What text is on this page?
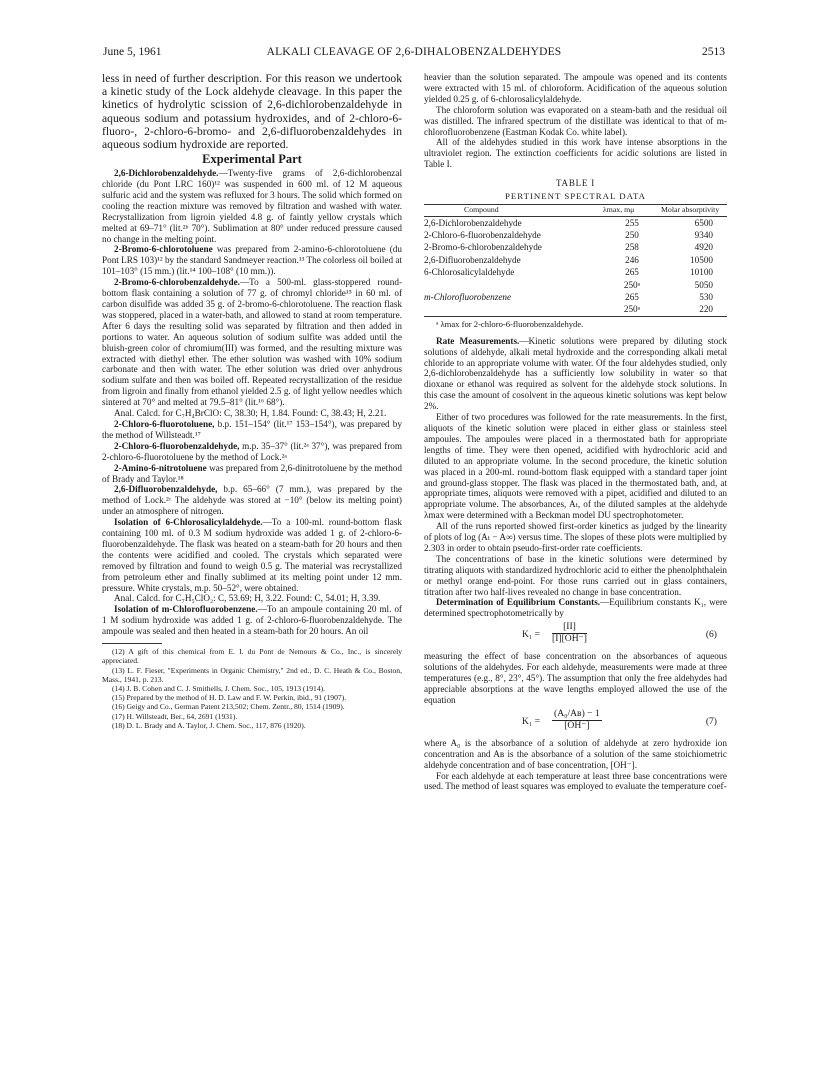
June 5, 1961	ALKALI CLEAVAGE OF 2,6-DIHALOBENZALDEHYDES	2513

less in need of further description. For this reason we undertook a kinetic study of the Lock aldehyde cleavage. In this paper the kinetics of hydrolytic scission of 2,6-dichlorobenzaldehyde in aqueous sodium and potassium hydroxides, and of 2-chloro-6-fluoro-, 2-chloro-6-bromo- and 2,6-difluorobenzaldehydes in aqueous sodium hydroxide are reported.

Experimental Part

2,6-Dichlorobenzaldehyde.—Twenty-five grams of 2,6-dichlorobenzal chloride (du Pont LRC 160)¹² was suspended in 600 ml. of 12 M aqueous sulfuric acid and the system was refluxed for 3 hours. The solid which formed on cooling the reaction mixture was removed by filtration and washed with water. Recrystallization from ligroin yielded 4.8 g. of faintly yellow crystals which melted at 69–71° (lit.²ᵇ 70°). Sublimation at 80° under reduced pressure caused no change in the melting point.

2-Bromo-6-chlorotoluene was prepared from 2-amino-6-chlorotoluene (du Pont LRS 103)¹² by the standard Sandmeyer reaction.¹³ The colorless oil boiled at 101–103° (15 mm.) (lit.¹⁴ 100–108° (10 mm.)).

2-Bromo-6-chlorobenzaldehyde.—To a 500-ml. glass-stoppered round-bottom flask containing a solution of 77 g. of chromyl chloride¹⁵ in 60 ml. of carbon disulfide was added 35 g. of 2-bromo-6-chlorotoluene. The reaction flask was stoppered, placed in a water-bath, and allowed to stand at room temperature. After 6 days the resulting solid was separated by filtration and then added in portions to water. An aqueous solution of sodium sulfite was added until the bluish-green color of chromium(III) was formed, and the resulting mixture was extracted with diethyl ether. The ether solution was washed with 10% sodium carbonate and then with water. The ether solution was dried over anhydrous sodium sulfate and then was boiled off. Repeated recrystallization of the residue from ligroin and finally from ethanol yielded 2.5 g. of light yellow needles which sintered at 70° and melted at 79.5–81° (lit.¹⁶ 68°).

Anal. Calcd. for C₇H₄BrClO: C, 38.30; H, 1.84. Found: C, 38.43; H, 2.21.

2-Chloro-6-fluorotoluene, b.p. 151–154° (lit.¹⁷ 153–154°), was prepared by the method of Willsteadt.¹⁷

2-Chloro-6-fluorobenzaldehyde, m.p. 35–37° (lit.²ᵃ 37°), was prepared from 2-chloro-6-fluorotoluene by the method of Lock.²ᵃ

2-Amino-6-nitrotoluene was prepared from 2,6-dinitrotoluene by the method of Brady and Taylor.¹⁸

2,6-Difluorobenzaldehyde, b.p. 65–66° (7 mm.), was prepared by the method of Lock.²ᶜ The aldehyde was stored at −10° (below its melting point) under an atmosphere of nitrogen.

Isolation of 6-Chlorosalicylaldehyde.—To a 100-ml. round-bottom flask containing 100 ml. of 0.3 M sodium hydroxide was added 1 g. of 2-chloro-6-fluorobenzaldehyde. The flask was heated on a steam-bath for 20 hours and then the contents were acidified and cooled. The crystals which separated were removed by filtration and found to weigh 0.5 g. The material was recrystallized from petroleum ether and finally sublimed at its melting point under 12 mm. pressure. White crystals, m.p. 50–52°, were obtained.

Anal. Calcd. for C₇H₅ClO₂: C, 53.69; H, 3.22. Found: C, 54.01; H, 3.39.

Isolation of m-Chlorofluorobenzene.—To an ampoule containing 20 ml. of 1 M sodium hydroxide was added 1 g. of 2-chloro-6-fluorobenzaldehyde. The ampoule was sealed and then heated in a steam-bath for 20 hours. An oil

(12) A gift of this chemical from E. I. du Pont de Nemours & Co., Inc., is sincerely appreciated.

(13) L. F. Fieser, "Experiments in Organic Chemistry," 2nd ed., D. C. Heath & Co., Boston, Mass., 1941, p. 213.

(14) J. B. Cohen and C. J. Smithells, J. Chem. Soc., 105, 1913 (1914).

(15) Prepared by the method of H. D. Law and F. W. Perkin, ibid., 91 (1907).

(16) Geigy and Co., German Patent 213,502; Chem. Zentr., 80, 1514 (1909).

(17) H. Willsteadt, Ber., 64, 2691 (1931).

(18) D. L. Brady and A. Taylor, J. Chem. Soc., 117, 876 (1920).

heavier than the solution separated. The ampoule was opened and its contents were extracted with 15 ml. of chloroform. Acidification of the aqueous solution yielded 0.25 g. of 6-chlorosalicylaldehyde.

The chloroform solution was evaporated on a steam-bath and the residual oil was distilled. The infrared spectrum of the distillate was identical to that of m-chlorofluorobenzene (Eastman Kodak Co. white label).

All of the aldehydes studied in this work have intense absorptions in the ultraviolet region. The extinction coefficients for acidic solutions are listed in Table I.

TABLE I
PERTINENT SPECTRAL DATA
Compound	λmax, mμ	Molar absorptivity
2,6-Dichlorobenzaldehyde	255	6500
2-Chloro-6-fluorobenzaldehyde	250	9340
2-Bromo-6-chlorobenzaldehyde	258	4920
2,6-Difluorobenzaldehyde	246	10500
6-Chlorosalicylaldehyde	265	10100
m-Chlorofluorobenzene	250ᵃ	5050
	265	530
	250ᵃ	220
ᵃ λmax for 2-chloro-6-fluorobenzaldehyde.

Rate Measurements.—Kinetic solutions were prepared by diluting stock solutions of aldehyde, alkali metal hydroxide and the corresponding alkali metal chloride to an appropriate volume with water. Of the four aldehydes studied, only 2,6-dichlorobenzaldehyde has a sufficiently low solubility in water so that dioxane or ethanol was required as solvent for the aldehyde stock solutions. In this case the amount of cosolvent in the aqueous kinetic solutions was kept below 2%.

Either of two procedures was followed for the rate measurements. In the first, aliquots of the kinetic solution were placed in either glass or stainless steel ampoules. The ampoules were placed in a thermostated bath for appropriate lengths of time. They were then opened, acidified with hydrochloric acid and diluted to an appropriate volume. In the second procedure, the kinetic solution was placed in a 200-ml. round-bottom flask equipped with a standard taper joint and ground-glass stopper. The flask was placed in the thermostated bath, and, at appropriate times, aliquots were removed with a pipet, acidified and diluted to an appropriate volume. The absorbances, Aₜ, of the diluted samples at the aldehyde λmax were determined with a Beckman model DU spectrophotometer.

All of the runs reported showed first-order kinetics as judged by the linearity of plots of log (Aₜ − A∞) versus time. The slopes of these plots were multiplied by 2.303 in order to obtain pseudo-first-order rate coefficients.

The concentrations of base in the kinetic solutions were determined by titrating aliquots with standardized hydrochloric acid to either the phenolphthalein or methyl orange end-point. For those runs carried out in glass containers, titration after two half-lives revealed no change in base concentration.

Determination of Equilibrium Constants.—Equilibrium constants K₁, were determined spectrophotometrically by

$K_1 = \frac{[II]}{[I][OH^-]}$	(6)

measuring the effect of base concentration on the absorbances of aqueous solutions of the aldehydes. For each aldehyde, measurements were made at three temperatures (e.g., 8°, 23°, 45°). The assumption that only the free aldehydes had appreciable absorptions at the wave lengths employed allowed the use of the equation

$K_1 = \frac{\text{(A₀/Aʙ) − 1}}{[OH^-]}$	(7)

where A₀ is the absorbance of a solution of aldehyde at zero hydroxide ion concentration and Aʙ is the absorbance of a solution of the same stoichiometric aldehyde concentration and of base concentration, [OH⁻].

For each aldehyde at each temperature at least three base concentrations were used. The method of least squares was employed to evaluate the temperature coef-
